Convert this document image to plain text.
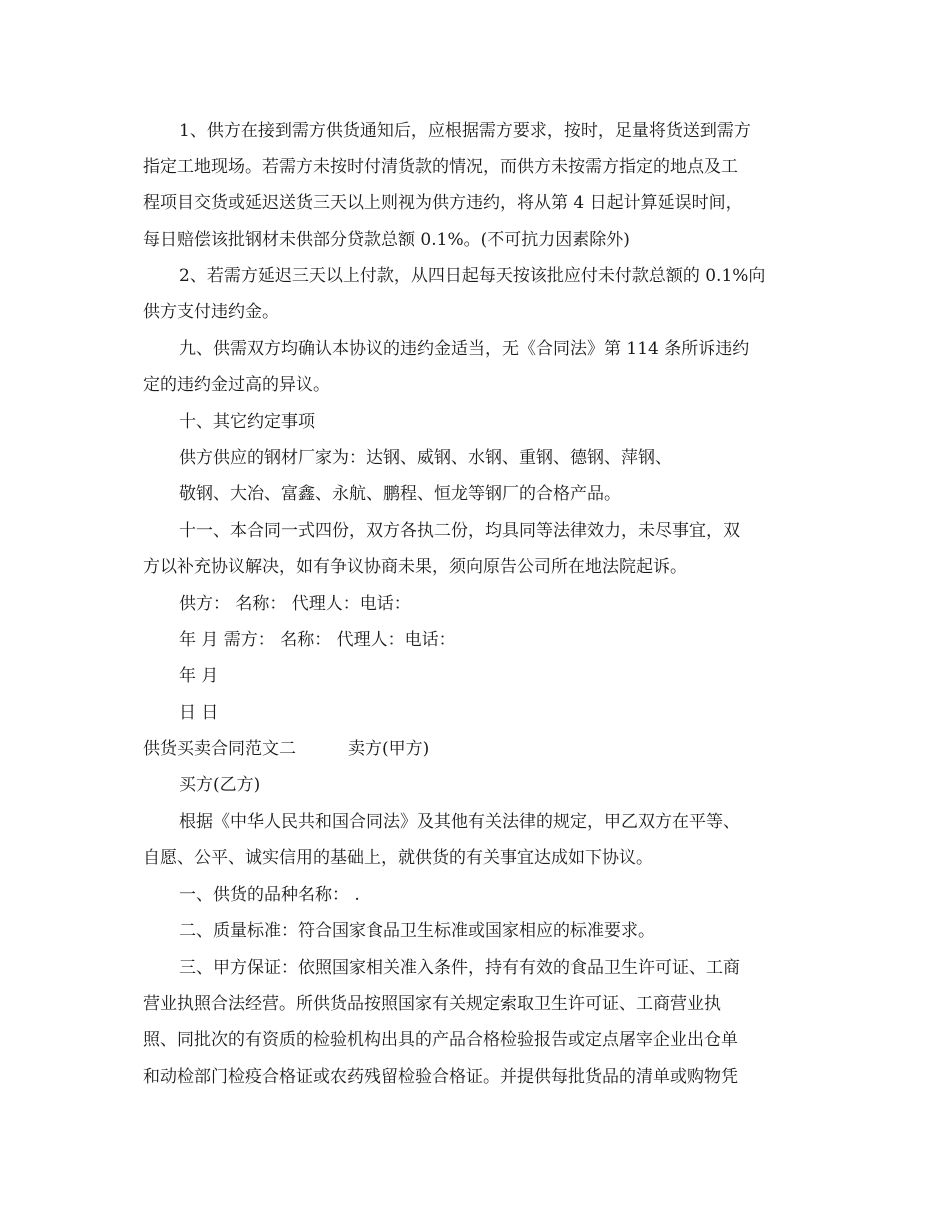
1、供方在接到需方供货通知后，应根据需方要求，按时，足量将货送到需方
指定工地现场。若需方未按时付清货款的情况，而供方未按需方指定的地点及工
程项目交货或延迟送货三天以上则视为供方违约，将从第 4 日起计算延误时间，
每日赔偿该批钢材未供部分贷款总额 0.1%。(不可抗力因素除外)
2、若需方延迟三天以上付款，从四日起每天按该批应付未付款总额的 0.1%向
供方支付违约金。
九、供需双方均确认本协议的违约金适当，无《合同法》第 114 条所诉违约
定的违约金过高的异议。
十、其它约定事项
供方供应的钢材厂家为：达钢、威钢、水钢、重钢、德钢、萍钢、
敬钢、大冶、富鑫、永航、鹏程、恒龙等钢厂的合格产品。
十一、本合同一式四份，双方各执二份，均具同等法律效力，未尽事宜，双
方以补充协议解决，如有争议协商未果，须向原告公司所在地法院起诉。
供方： 名称： 代理人：电话：
年 月 需方： 名称： 代理人：电话：
年 月
日 日
供货买卖合同范文二	卖方(甲方)
买方(乙方)
根据《中华人民共和国合同法》及其他有关法律的规定，甲乙双方在平等、
自愿、公平、诚实信用的基础上，就供货的有关事宜达成如下协议。
一、供货的品种名称： .
二、质量标准：符合国家食品卫生标准或国家相应的标准要求。
三、甲方保证：依照国家相关准入条件，持有有效的食品卫生许可证、工商
营业执照合法经营。所供货品按照国家有关规定索取卫生许可证、工商营业执
照、同批次的有资质的检验机构出具的产品合格检验报告或定点屠宰企业出仓单
和动检部门检疫合格证或农药残留检验合格证。并提供每批货品的清单或购物凭
